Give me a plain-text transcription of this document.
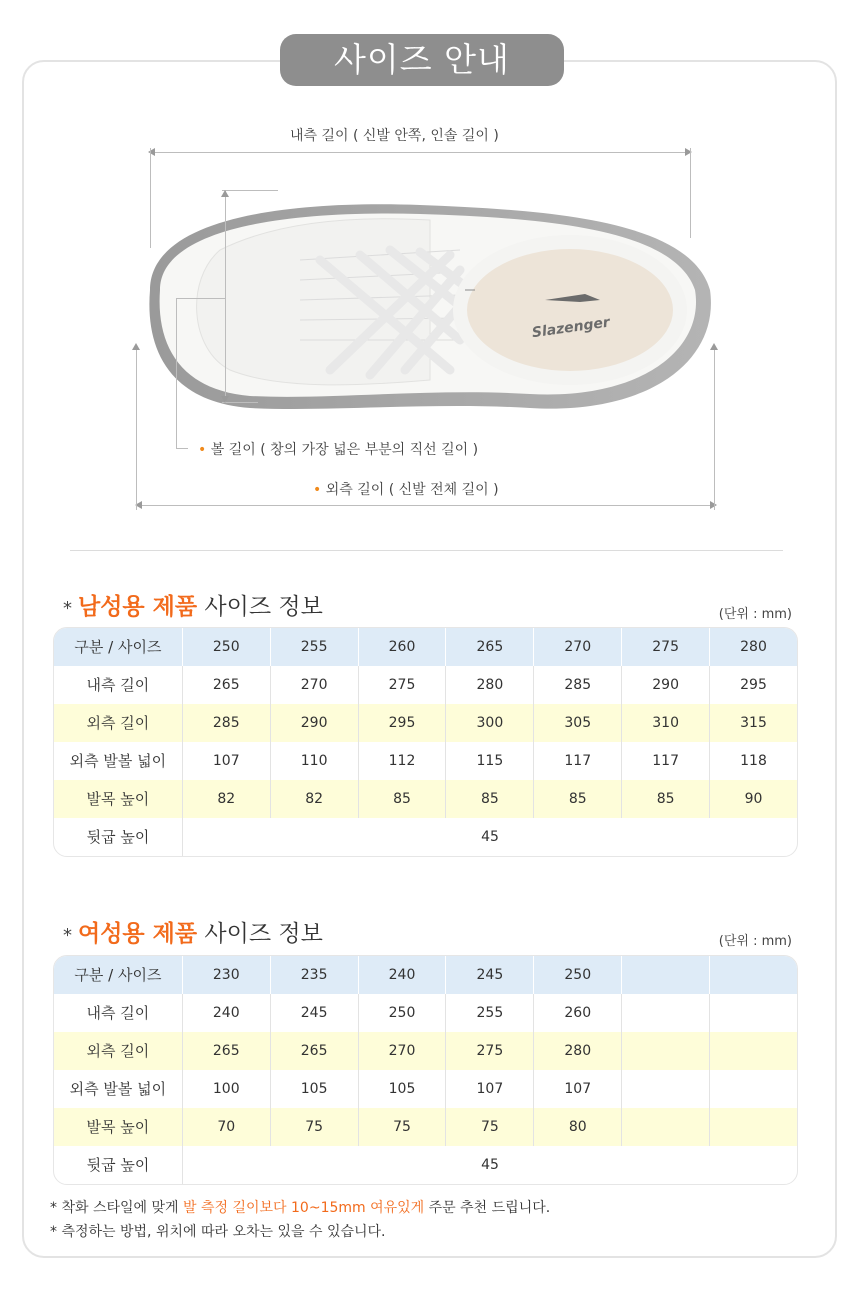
사이즈 안내
내측 길이 ( 신발 안쪽, 인솔 길이 )
Slazenger
• 볼 길이 ( 창의 가장 넓은 부분의 직선 길이 )
• 외측 길이 ( 신발 전체 길이 )
* 남성용 제품 사이즈 정보	(단위 : mm)
구분 / 사이즈	250	255	260	265	270	275	280
내측 길이	265	270	275	280	285	290	295
외측 길이	285	290	295	300	305	310	315
외측 발볼 넓이	107	110	112	115	117	117	118
발목 높이	82	82	85	85	85	85	90
뒷굽 높이	45
* 여성용 제품 사이즈 정보	(단위 : mm)
구분 / 사이즈	230	235	240	245	250
내측 길이	240	245	250	255	260
외측 길이	265	265	270	275	280
외측 발볼 넓이	100	105	105	107	107
발목 높이	70	75	75	75	80
뒷굽 높이	45
* 착화 스타일에 맞게 발 측정 길이보다 10~15mm 여유있게 주문 추천 드립니다.
* 측정하는 방법, 위치에 따라 오차는 있을 수 있습니다.
